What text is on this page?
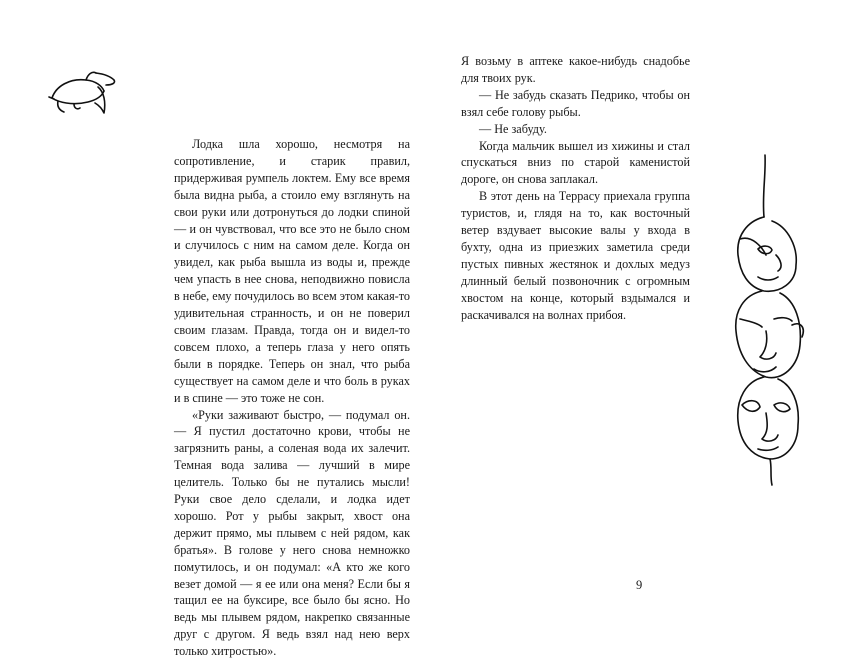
Лодка шла хорошо, несмотря на сопротивление, и старик правил, придерживая румпель локтем. Ему все время была видна рыба, а стоило ему взглянуть на свои руки или дотронуться до лодки спиной — и он чувствовал, что все это не было сном и случилось с ним на самом деле. Когда он увидел, как рыба вышла из воды и, прежде чем упасть в нее снова, неподвижно повисла в небе, ему почудилось во всем этом какая-то удивительная странность, и он не поверил своим глазам. Правда, тогда он и видел-то совсем плохо, а теперь глаза у него опять были в порядке. Теперь он знал, что рыба существует на самом деле и что боль в руках и в спине — это тоже не сон.

«Руки заживают быстро, — подумал он. — Я пустил достаточно крови, чтобы не загрязнить раны, а соленая вода их залечит. Темная вода залива — лучший в мире целитель. Только бы не путались мысли! Руки свое дело сделали, и лодка идет хорошо. Рот у рыбы закрыт, хвост она держит прямо, мы плывем с ней рядом, как братья». В голове у него снова немножко помутилось, и он подумал: «А кто же кого везет домой — я ее или она меня? Если бы я тащил ее на буксире, все было бы ясно. Но ведь мы плывем рядом, накрепко связанные друг с другом. Я ведь взял над нею верх только хитростью».

Я возьму в аптеке какое-нибудь снадобье для твоих рук.

— Не забудь сказать Педрико, чтобы он взял себе голову рыбы.

— Не забуду.

Когда мальчик вышел из хижины и стал спускаться вниз по старой каменистой дороге, он снова заплакал.

В этот день на Террасу приехала группа туристов, и, глядя на то, как восточный ветер вздувает высокие валы у входа в бухту, одна из приезжих заметила среди пустых пивных жестянок и дохлых медуз длинный белый позвоночник с огромным хвостом на конце, который вздымался и раскачивался на волнах прибоя.

9
